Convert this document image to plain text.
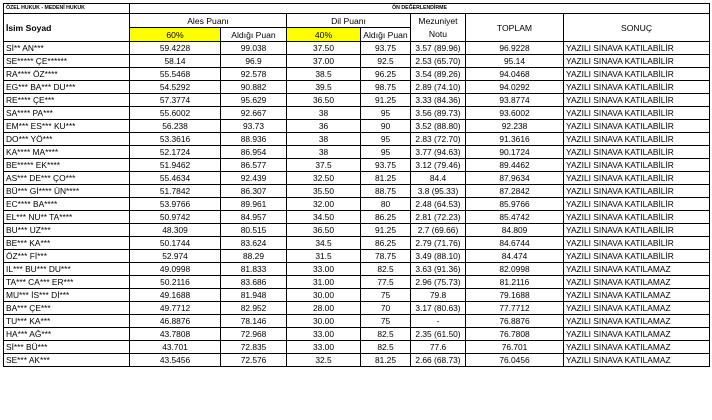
ÖZEL HUKUK - MEDENİ HUKUK	ÖN DEĞERLENDİRME						
İsim Soyad	Ales Puanı		Dil Puanı		Mezuniyet	TOPLAM	SONUÇ
	60%	Aldığı Puan	40%	Aldığı Puan	Notu		
Sİ** AN***	59.4228	99.038	37.50	93.75	3.57 (89.96)	96.9228	YAZILI SINAVA KATILABİLİR
SE***** ÇE******	58.14	96.9	37.00	92.5	2.53 (65.70)	95.14	YAZILI SINAVA KATILABİLİR
RA**** ÖZ****	55.5468	92.578	38.5	96.25	3.54 (89.26)	94.0468	YAZILI SINAVA KATILABİLİR
EG*** BA*** DU***	54.5292	90.882	39.5	98.75	2.89 (74.10)	94.0292	YAZILI SINAVA KATILABİLİR
RE**** ÇE***	57.3774	95.629	36.50	91.25	3.33 (84.36)	93.8774	YAZILI SINAVA KATILABİLİR
SA**** PA***	55.6002	92.667	38	95	3.56 (89.73)	93.6002	YAZILI SINAVA KATILABİLİR
EM*** ES*** KU***	56.238	93.73	36	90	3.52 (88.80)	92.238	YAZILI SINAVA KATILABİLİR
DO*** YÖ***	53.3616	88.936	38	95	2.83 (72.70)	91.3616	YAZILI SINAVA KATILABİLİR
KA**** MA****	52.1724	86.954	38	95	3.77 (94.63)	90.1724	YAZILI SINAVA KATILABİLİR
BE***** EK****	51.9462	86.577	37.5	93.75	3.12 (79.46)	89.4462	YAZILI SINAVA KATILABİLİR
AS*** DE*** ÇO***	55.4634	92.439	32.50	81.25	84.4	87.9634	YAZILI SINAVA KATILABİLİR
BÜ*** Gİ**** ÜN****	51.7842	86.307	35.50	88.75	3.8 (95.33)	87.2842	YAZILI SINAVA KATILABİLİR
EC**** BA****	53.9766	89.961	32.00	80	2.48 (64.53)	85.9766	YAZILI SINAVA KATILABİLİR
EL*** NU** TA****	50.9742	84.957	34.50	86.25	2.81 (72.23)	85.4742	YAZILI SINAVA KATILABİLİR
BU*** UZ***	48.309	80.515	36.50	91.25	2.7 (69.66)	84.809	YAZILI SINAVA KATILABİLİR
BE*** KA***	50.1744	83.624	34.5	86.25	2.79 (71.76)	84.6744	YAZILI SINAVA KATILABİLİR
ÖZ*** Fİ***	52.974	88.29	31.5	78.75	3.49 (88.10)	84.474	YAZILI SINAVA KATILABİLİR
IL*** BU*** DU***	49.0998	81.833	33.00	82.5	3.63 (91.36)	82.0998	YAZILI SINAVA KATILAMAZ
TA*** CA*** ER***	50.2116	83.686	31.00	77.5	2.96 (75.73)	81.2116	YAZILI SINAVA KATILAMAZ
MU*** İS*** Dİ***	49.1688	81.948	30.00	75	79.8	79.1688	YAZILI SINAVA KATILAMAZ
BA*** ÇE***	49.7712	82.952	28.00	70	3.17 (80.63)	77.7712	YAZILI SINAVA KATILAMAZ
TU*** KA***	46.8876	78.146	30.00	75	-	76.8876	YAZILI SINAVA KATILAMAZ
HA*** AĞ***	43.7808	72.968	33.00	82.5	2.35 (61.50)	76.7808	YAZILI SINAVA KATILAMAZ
Sİ*** BÜ***	43.701	72.835	33.00	82.5	77.6	76.701	YAZILI SINAVA KATILAMAZ
SE*** AK***	43.5456	72.576	32.5	81.25	2.66 (68.73)	76.0456	YAZILI SINAVA KATILAMAZ
